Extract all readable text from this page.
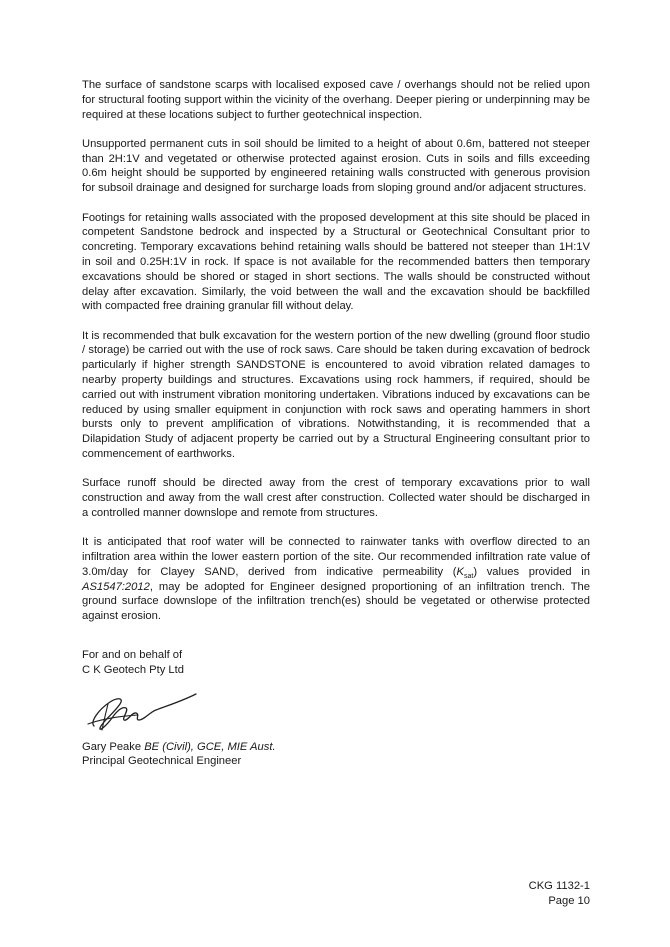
The surface of sandstone scarps with localised exposed cave / overhangs should not be relied upon for structural footing support within the vicinity of the overhang. Deeper piering or underpinning may be required at these locations subject to further geotechnical inspection.

Unsupported permanent cuts in soil should be limited to a height of about 0.6m, battered not steeper than 2H:1V and vegetated or otherwise protected against erosion. Cuts in soils and fills exceeding 0.6m height should be supported by engineered retaining walls constructed with generous provision for subsoil drainage and designed for surcharge loads from sloping ground and/or adjacent structures.

Footings for retaining walls associated with the proposed development at this site should be placed in competent Sandstone bedrock and inspected by a Structural or Geotechnical Consultant prior to concreting. Temporary excavations behind retaining walls should be battered not steeper than 1H:1V in soil and 0.25H:1V in rock. If space is not available for the recommended batters then temporary excavations should be shored or staged in short sections. The walls should be constructed without delay after excavation. Similarly, the void between the wall and the excavation should be backfilled with compacted free draining granular fill without delay.

It is recommended that bulk excavation for the western portion of the new dwelling (ground floor studio / storage) be carried out with the use of rock saws. Care should be taken during excavation of bedrock particularly if higher strength SANDSTONE is encountered to avoid vibration related damages to nearby property buildings and structures. Excavations using rock hammers, if required, should be carried out with instrument vibration monitoring undertaken. Vibrations induced by excavations can be reduced by using smaller equipment in conjunction with rock saws and operating hammers in short bursts only to prevent amplification of vibrations. Notwithstanding, it is recommended that a Dilapidation Study of adjacent property be carried out by a Structural Engineering consultant prior to commencement of earthworks.

Surface runoff should be directed away from the crest of temporary excavations prior to wall construction and away from the wall crest after construction. Collected water should be discharged in a controlled manner downslope and remote from structures.

It is anticipated that roof water will be connected to rainwater tanks with overflow directed to an infiltration area within the lower eastern portion of the site. Our recommended infiltration rate value of 3.0m/day for Clayey SAND, derived from indicative permeability $(K_{sat})$ values provided in AS1547:2012, may be adopted for Engineer designed proportioning of an infiltration trench. The ground surface downslope of the infiltration trench(es) should be vegetated or otherwise protected against erosion.

For and on behalf of
C K Geotech Pty Ltd
Gary Peake BE (Civil), GCE, MIE Aust.
Principal Geotechnical Engineer
CKG 1132-1
Page 10
